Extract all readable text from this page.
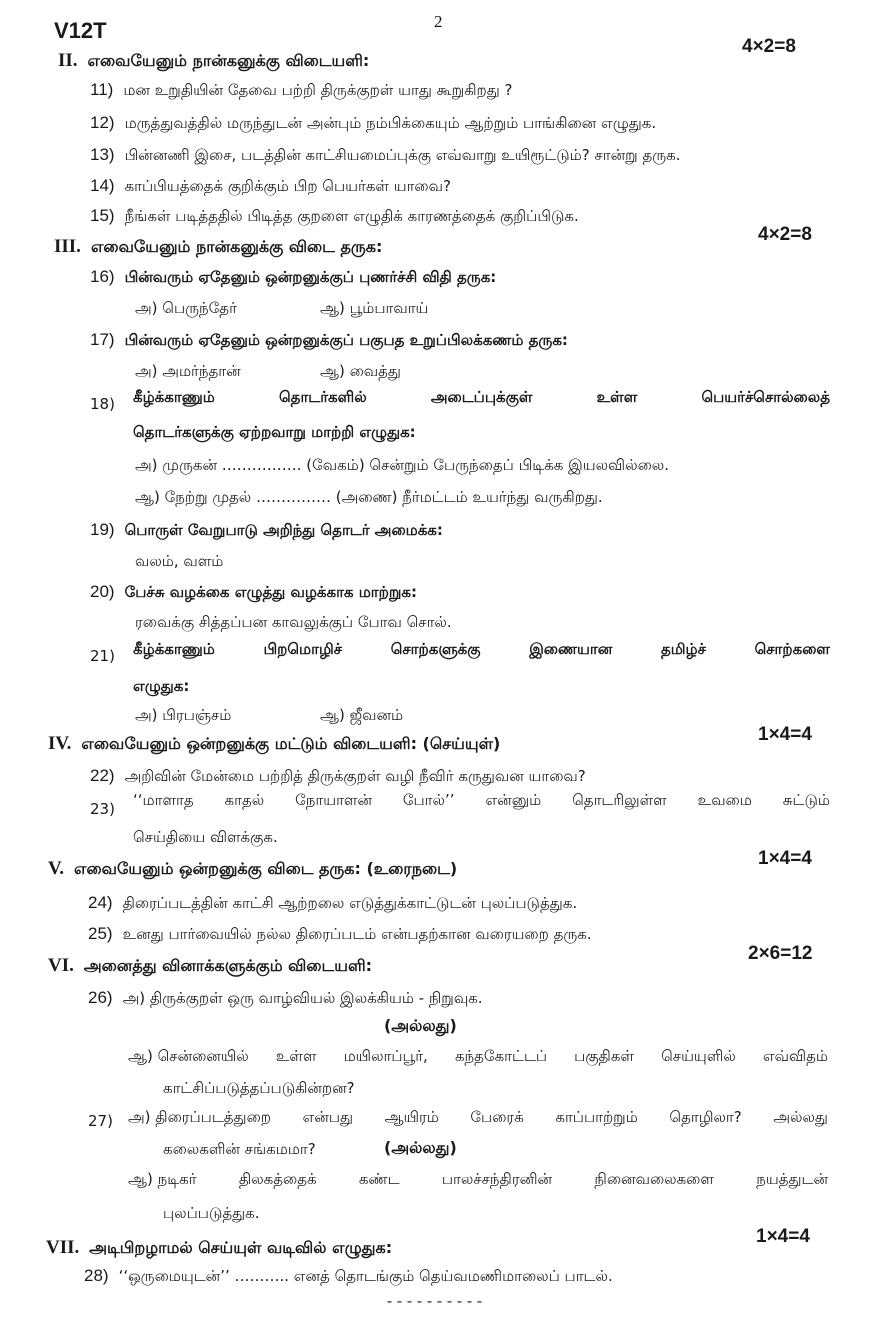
V12T	2
II. எவையேனும் நான்கனுக்கு விடையளி:
4×2=8
11) மன உறுதியின் தேவை பற்றி திருக்குறள் யாது கூறுகிறது ?
12) மருத்துவத்தில் மருந்துடன் அன்பும் நம்பிக்கையும் ஆற்றும் பாங்கினை எழுதுக.
13) பின்னணி இசை, படத்தின் காட்சியமைப்புக்கு எவ்வாறு உயிரூட்டும்? சான்று தருக.
14) காப்பியத்தைக் குறிக்கும் பிற பெயர்கள் யாவை?
15) நீங்கள் படித்ததில் பிடித்த குறளை எழுதிக் காரணத்தைக் குறிப்பிடுக.
III. எவையேனும் நான்கனுக்கு விடை தருக:
4×2=8
16) பின்வரும் ஏதேனும் ஒன்றனுக்குப் புணர்ச்சி விதி தருக:
அ) பெருந்தேர்	ஆ) பூம்பாவாய்
17) பின்வரும் ஏதேனும் ஒன்றனுக்குப் பகுபத உறுப்பிலக்கணம் தருக:
அ) அமர்ந்தான்	ஆ) வைத்து
18) கீழ்க்காணும்	தொடர்களில்	அடைப்புக்குள்	உள்ள	பெயர்ச்சொல்லைத்
தொடர்களுக்கு ஏற்றவாறு மாற்றி எழுதுக:
அ) முருகன் ……………. (வேகம்) சென்றும் பேருந்தைப் பிடிக்க இயலவில்லை.
ஆ) நேற்று முதல் …………… (அணை) நீர்மட்டம் உயர்ந்து வருகிறது.
19) பொருள் வேறுபாடு அறிந்து தொடர் அமைக்க:
வலம், வளம்
20) பேச்சு வழக்கை எழுத்து வழக்காக மாற்றுக:
ரவைக்கு சித்தப்பன காவலுக்குப் போவ சொல்.
21) கீழ்க்காணும்	பிறமொழிச்	சொற்களுக்கு	இணையான	தமிழ்ச்	சொற்களை
எழுதுக:
அ) பிரபஞ்சம்	ஆ) ஜீவனம்
IV. எவையேனும் ஒன்றனுக்கு மட்டும் விடையளி: (செய்யுள்)	1×4=4
22) அறிவின் மேன்மை பற்றித் திருக்குறள் வழி நீவிர் கருதுவன யாவை?
23) ‘‘மாளாத காதல் நோயாளன் போல்’’ என்னும் தொடரிலுள்ள உவமை சுட்டும்
செய்தியை விளக்குக.
V. எவையேனும் ஒன்றனுக்கு விடை தருக: (உரைநடை)	1×4=4
24) திரைப்படத்தின் காட்சி ஆற்றலை எடுத்துக்காட்டுடன் புலப்படுத்துக.
25) உனது பார்வையில் நல்ல திரைப்படம் என்பதற்கான வரையறை தருக.
VI. அனைத்து வினாக்களுக்கும் விடையளி:
2×6=12
26) அ) திருக்குறள் ஒரு வாழ்வியல் இலக்கியம் - நிறுவுக.
(அல்லது)
ஆ) சென்னையில் உள்ள மயிலாப்பூர், கந்தகோட்டப் பகுதிகள் செய்யுளில் எவ்விதம்
காட்சிப்படுத்தப்படுகின்றன?
27) அ) திரைப்படத்துறை என்பது ஆயிரம் பேரைக் காப்பாற்றும் தொழிலா? அல்லது
கலைகளின் சங்கமமா?	(அல்லது)
ஆ) நடிகர்	திலகத்தைக்	கண்ட	பாலச்சந்திரனின்	நினைவலைகளை	நயத்துடன்
புலப்படுத்துக.
VII. அடிபிறழாமல் செய்யுள் வடிவில் எழுதுக:
1×4=4
28) ‘‘ஒருமையுடன்’’ ……….. எனத் தொடங்கும் தெய்வமணிமாலைப் பாடல்.
----------
